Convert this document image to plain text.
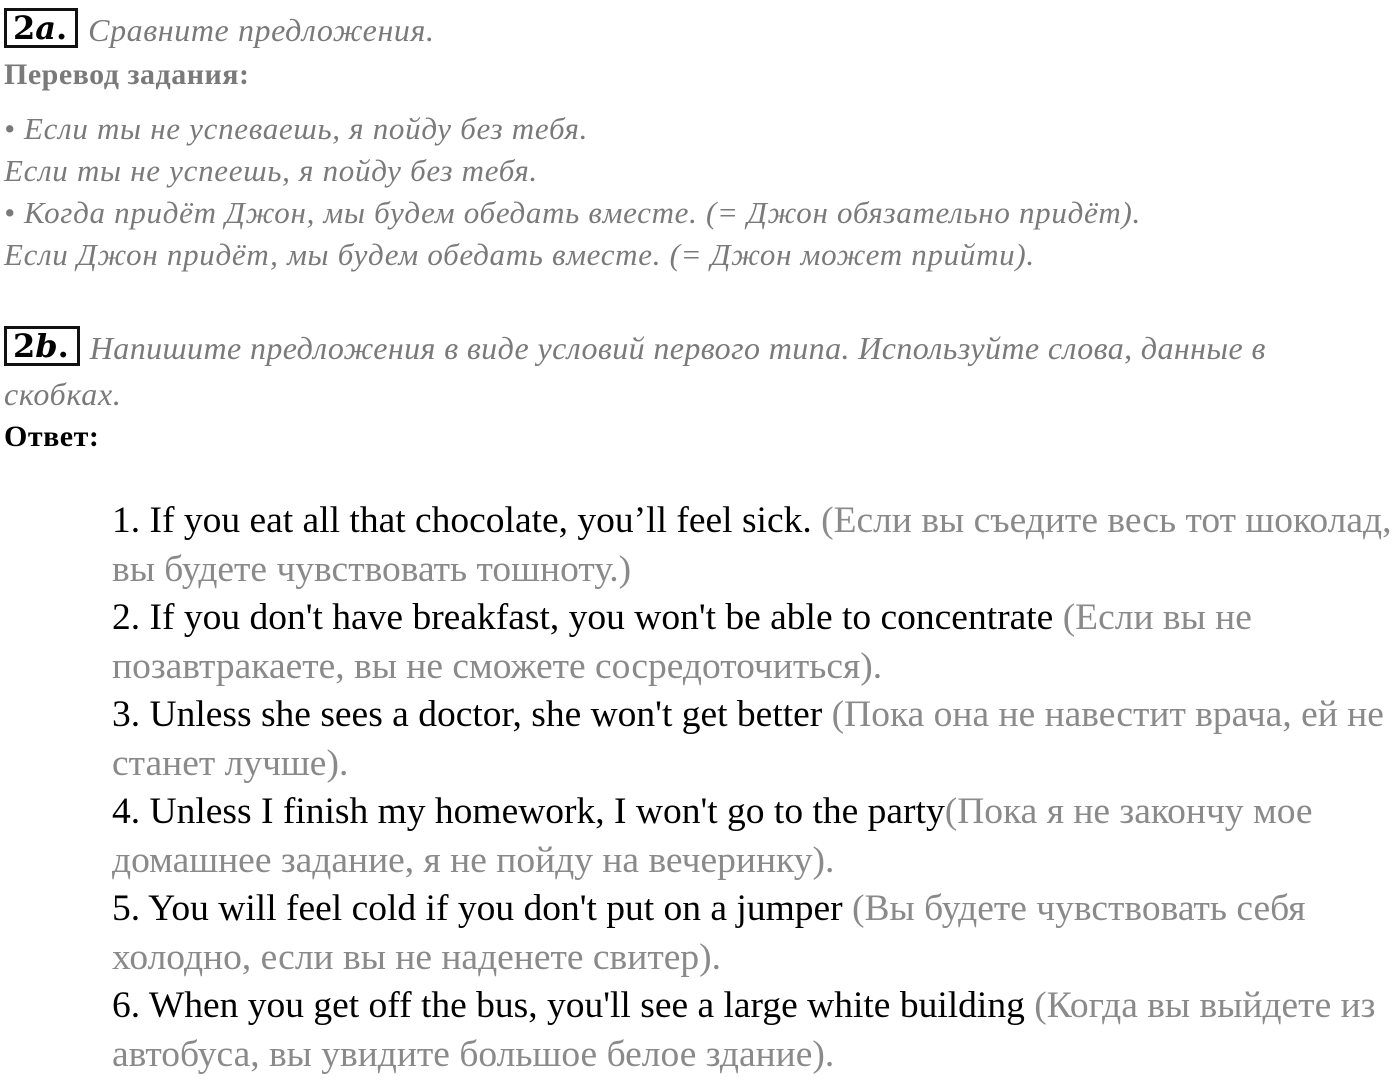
2 a . Сравните предложения.
Перевод задания:
• Если ты не успеваешь, я пойду без тебя.
Если ты не успеешь, я пойду без тебя.
• Когда придёт Джон, мы будем обедать вместе. (= Джон обязательно придёт).
Если Джон придёт, мы будем обедать вместе. (= Джон может прийти).
2 b . Напишите предложения в виде условий первого типа. Используйте слова, данные в
скобках.
Ответ:

1. If you eat all that chocolate, you’ll feel sick. (Если вы съедите весь тот шоколад, вы будете чувствовать тошноту.)

2. If you don't have breakfast, you won't be able to concentrate (Если вы не позавтракаете, вы не сможете сосредоточиться).

3. Unless she sees a doctor, she won't get better (Пока она не навестит врача, ей не станет лучше).

4. Unless I finish my homework, I won't go to the party(Пока я не закончу мое домашнее задание, я не пойду на вечеринку).

5. You will feel cold if you don't put on a jumper (Вы будете чувствовать себя холодно, если вы не наденете свитер).

6. When you get off the bus, you'll see a large white building (Когда вы выйдете из автобуса, вы увидите большое белое здание).
